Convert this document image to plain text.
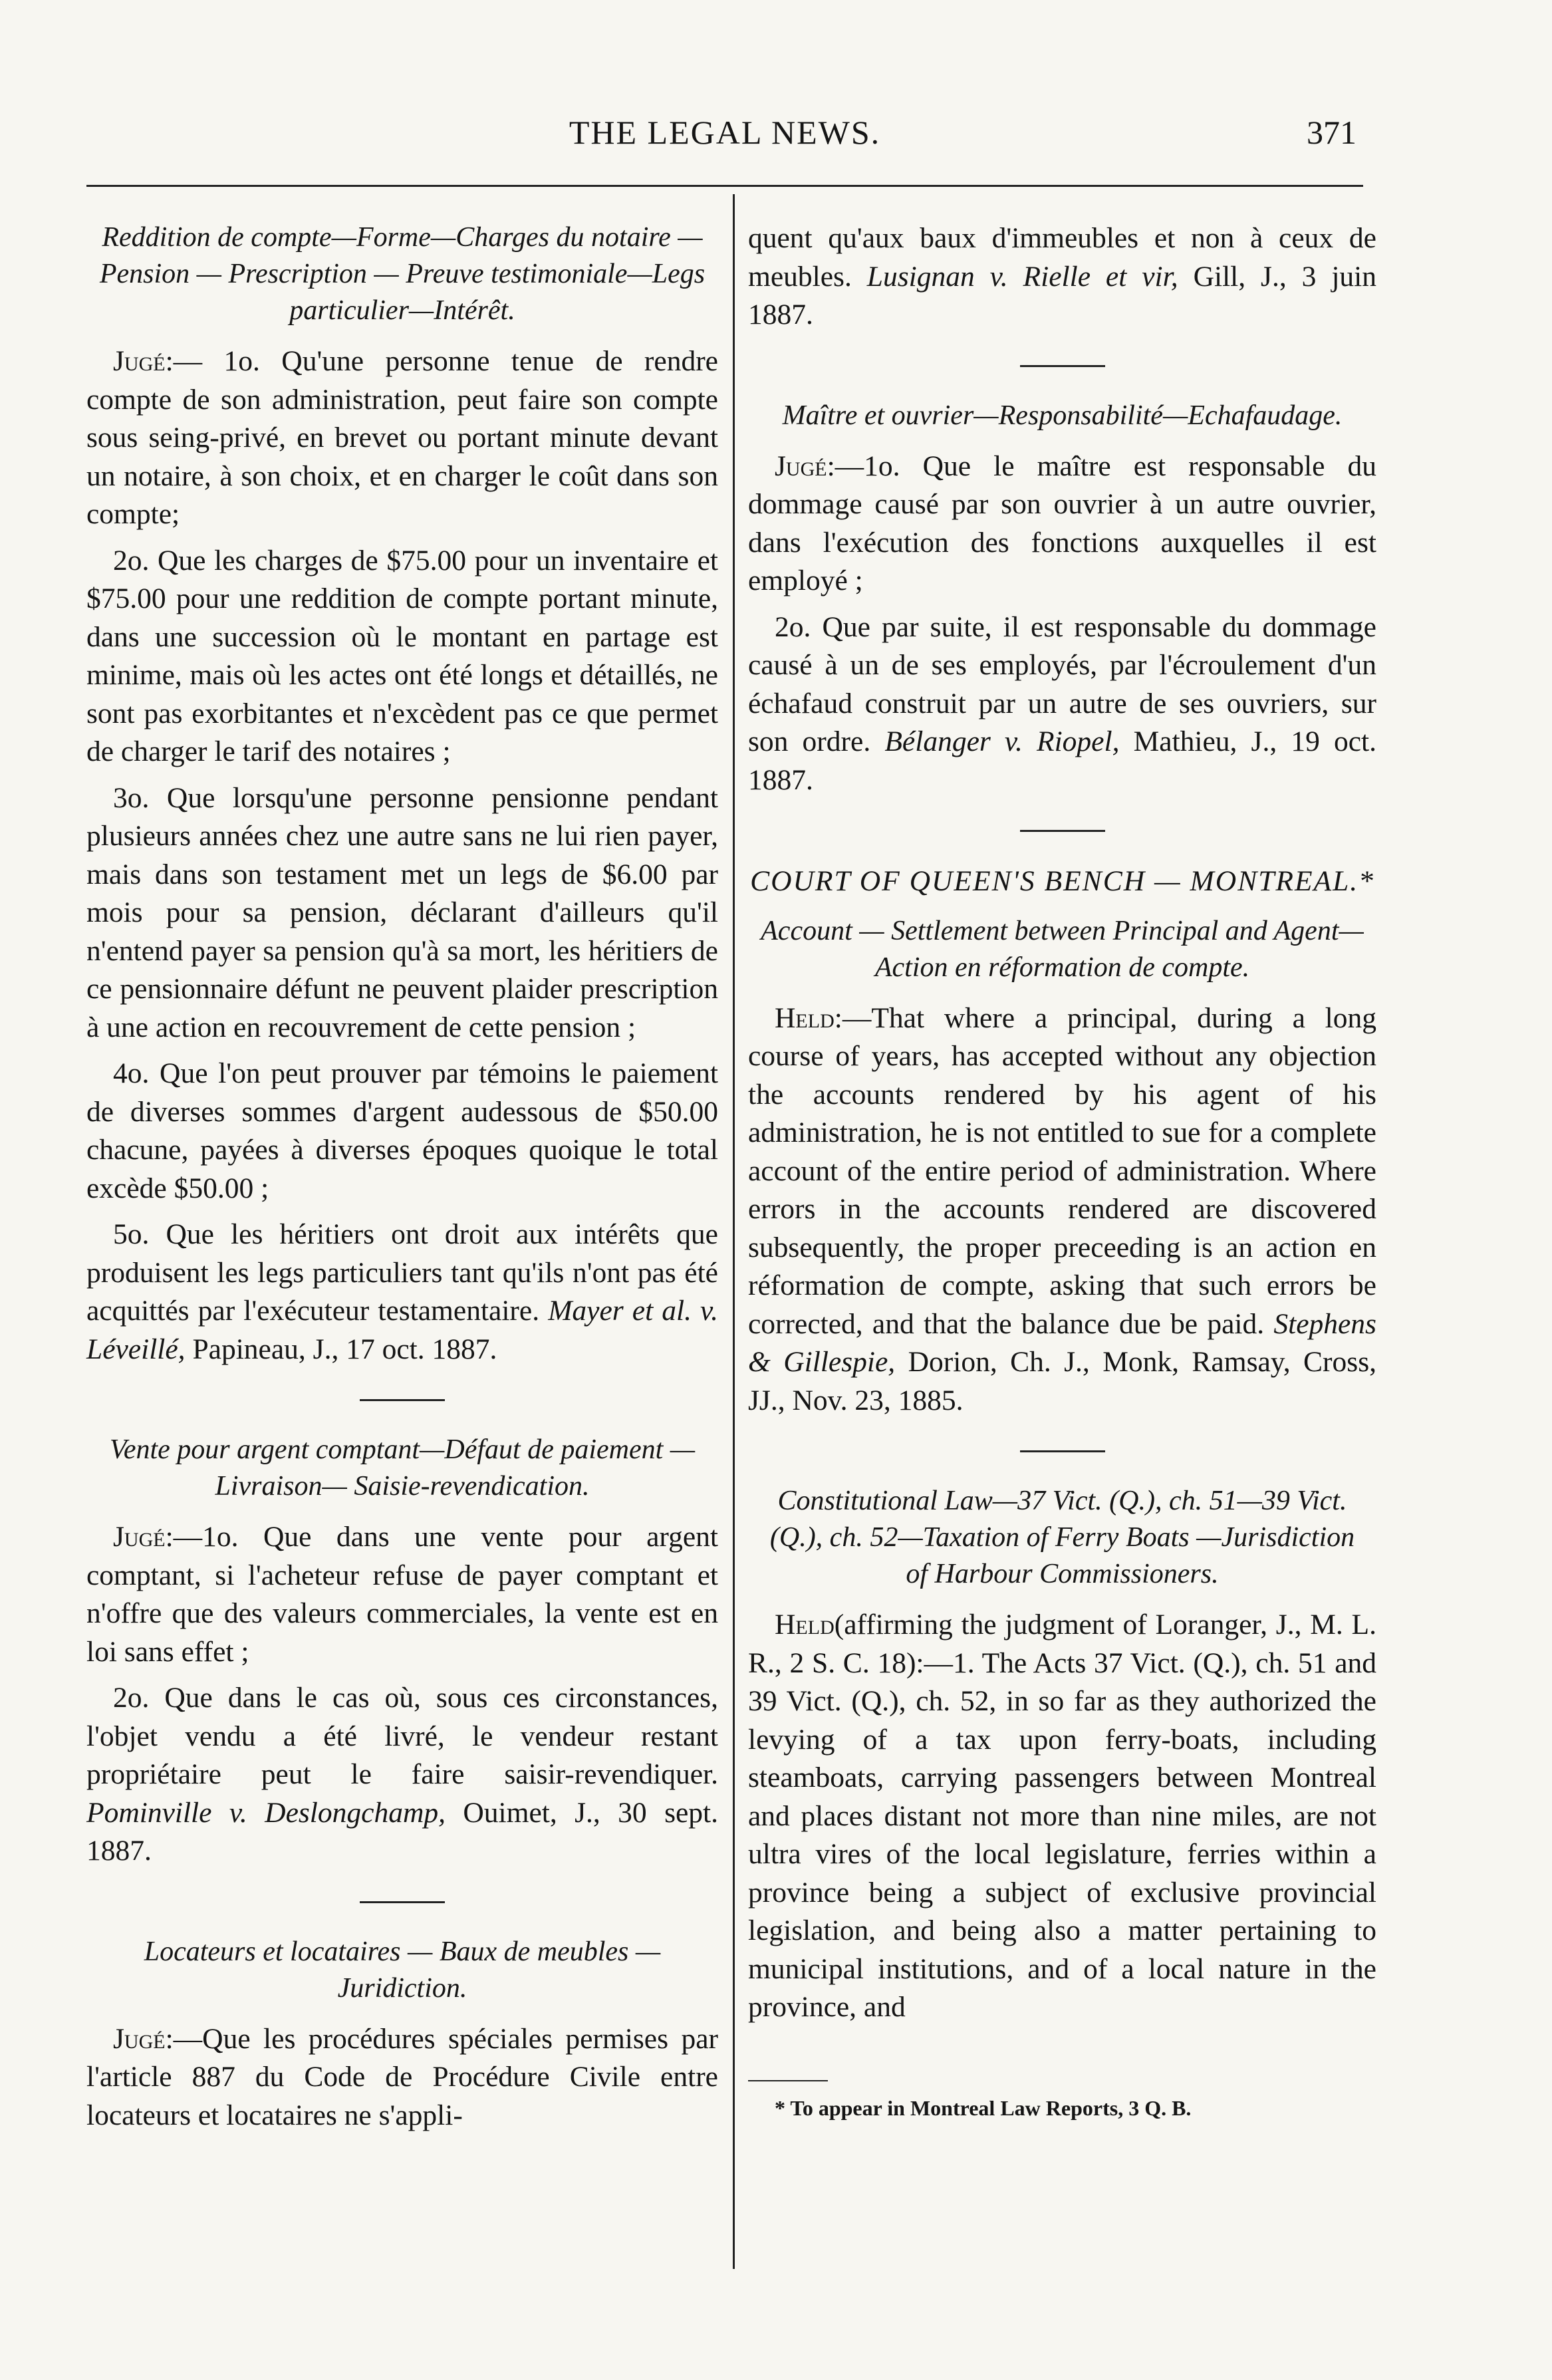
THE LEGAL NEWS.	371
Reddition de compte—Forme—Charges du notaire — Pension — Prescription — Preuve testimoniale—Legs particulier—Intérêt.

Jugé:— 1o. Qu'une personne tenue de rendre compte de son administration, peut faire son compte sous seing-privé, en brevet ou portant minute devant un notaire, à son choix, et en charger le coût dans son compte;

2o. Que les charges de $75.00 pour un inventaire et $75.00 pour une reddition de compte portant minute, dans une succession où le montant en partage est minime, mais où les actes ont été longs et détaillés, ne sont pas exorbitantes et n'excèdent pas ce que permet de charger le tarif des notaires ;

3o. Que lorsqu'une personne pensionne pendant plusieurs années chez une autre sans ne lui rien payer, mais dans son testament met un legs de $6.00 par mois pour sa pension, déclarant d'ailleurs qu'il n'entend payer sa pension qu'à sa mort, les héritiers de ce pensionnaire défunt ne peuvent plaider prescription à une action en recouvrement de cette pension ;

4o. Que l'on peut prouver par témoins le paiement de diverses sommes d'argent audessous de $50.00 chacune, payées à diverses époques quoique le total excède $50.00 ;

5o. Que les héritiers ont droit aux intérêts que produisent les legs particuliers tant qu'ils n'ont pas été acquittés par l'exécuteur testamentaire. Mayer et al. v. Léveillé, Papineau, J., 17 oct. 1887.

Vente pour argent comptant—Défaut de paiement —Livraison— Saisie-revendication.

Jugé:—1o. Que dans une vente pour argent comptant, si l'acheteur refuse de payer comptant et n'offre que des valeurs commerciales, la vente est en loi sans effet ;

2o. Que dans le cas où, sous ces circonstances, l'objet vendu a été livré, le vendeur restant propriétaire peut le faire saisir-revendiquer. Pominville v. Deslongchamp, Ouimet, J., 30 sept. 1887.

Locateurs et locataires — Baux de meubles — Juridiction.

Jugé:—Que les procédures spéciales permises par l'article 887 du Code de Procédure Civile entre locateurs et locataires ne s'appli-

quent qu'aux baux d'immeubles et non à ceux de meubles. Lusignan v. Rielle et vir, Gill, J., 3 juin 1887.

Maître et ouvrier—Responsabilité—Echafaudage.

Jugé:—1o. Que le maître est responsable du dommage causé par son ouvrier à un autre ouvrier, dans l'exécution des fonctions auxquelles il est employé ;

2o. Que par suite, il est responsable du dommage causé à un de ses employés, par l'écroulement d'un échafaud construit par un autre de ses ouvriers, sur son ordre. Bélanger v. Riopel, Mathieu, J., 19 oct. 1887.

COURT OF QUEEN'S BENCH — MONTREAL.*
Account — Settlement between Principal and Agent—Action en réformation de compte.

Held:—That where a principal, during a long course of years, has accepted without any objection the accounts rendered by his agent of his administration, he is not entitled to sue for a complete account of the entire period of administration. Where errors in the accounts rendered are discovered subsequently, the proper preceeding is an action en réformation de compte, asking that such errors be corrected, and that the balance due be paid. Stephens & Gillespie, Dorion, Ch. J., Monk, Ramsay, Cross, JJ., Nov. 23, 1885.

Constitutional Law—37 Vict. (Q.), ch. 51—39 Vict. (Q.), ch. 52—Taxation of Ferry Boats —Jurisdiction of Harbour Commissioners.

Held(affirming the judgment of Loranger, J., M. L. R., 2 S. C. 18):—1. The Acts 37 Vict. (Q.), ch. 51 and 39 Vict. (Q.), ch. 52, in so far as they authorized the levying of a tax upon ferry-boats, including steamboats, carrying passengers between Montreal and places distant not more than nine miles, are not ultra vires of the local legislature, ferries within a province being a subject of exclusive provincial legislation, and being also a matter pertaining to municipal institutions, and of a local nature in the province, and

* To appear in Montreal Law Reports, 3 Q. B.
